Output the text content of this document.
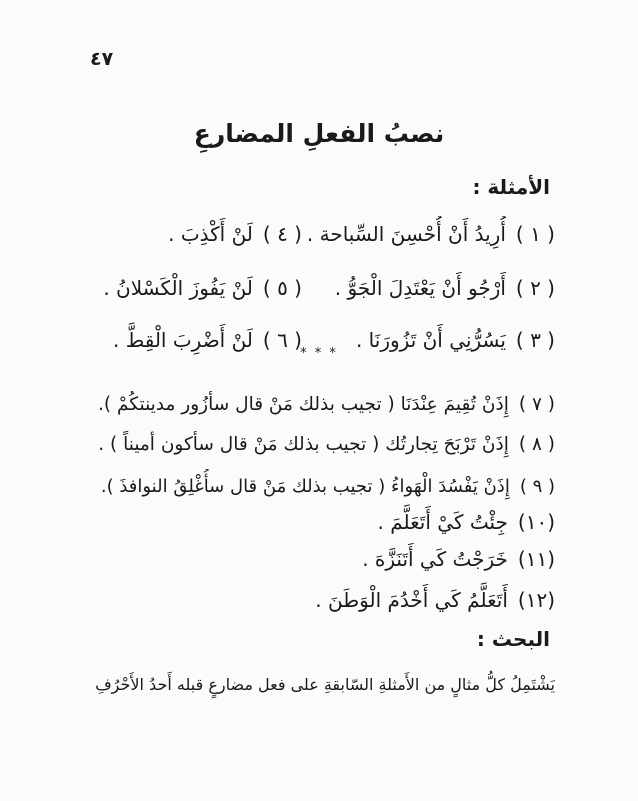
٤٧
نصبُ الفعلِ المضارعِ
الأمثلة :
( ١ )
أُرِيدُ أَنْ أُحْسِنَ السِّباحة .
( ٤ )
لَنْ أَكْذِبَ .
( ٢ )
أَرْجُو أَنْ يَعْتَدِلَ الْجَوُّ .
( ٥ )
لَنْ يَفُوزَ الْكَسْلانُ .
( ٣ )
يَسُرُّنِي أَنْ تَزُورَنَا .
( ٦ )
لَنْ أَضْرِبَ الْقِطَّ .
* * *
( ٧ )
إِذَنْ تُقِيمَ عِنْدَنَا ( تجيب بذلك مَنْ قال سأزُور مدينتكُمْ ).
( ٨ )
إِذَنْ تَرْبَحَ تِجارتُك ( تجيب بذلك مَنْ قال سأكون أميناً ) .
( ٩ )
إِذَنْ يَفْسُدَ الْهَواءُ ( تجيب بذلك مَنْ قال سأُغْلِقُ النوافذَ ).
(١٠)
جِئْتُ كَيْ أَتَعَلَّمَ .
(١١)
خَرَجْتُ كَي أَتَنَزَّهَ .
(١٢)
أَتَعَلَّمُ كَي أَخْدُمَ الْوَطَنَ .
البحث :
يَشْتَمِلُ كلُّ مثالٍ من الأَمثلةِ السّابقةِ على فعل مضارعٍ قبله أَحدُ الأَحْرُفِ
